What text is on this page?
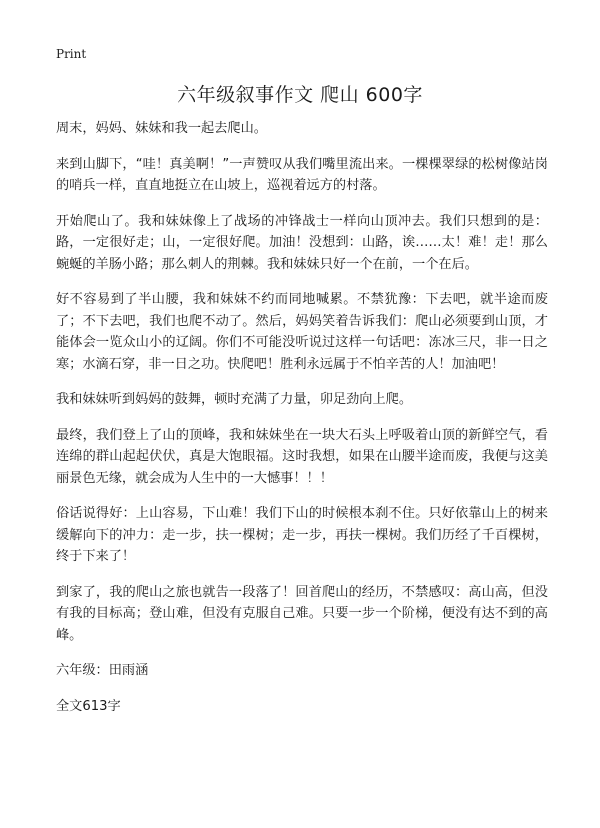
Print
六年级叙事作文 爬山 600字

周末，妈妈、妹妹和我一起去爬山。

来到山脚下，“哇！真美啊！”一声赞叹从我们嘴里流出来。一棵棵翠绿的松树像站岗的哨兵一样，直直地挺立在山坡上，巡视着远方的村落。

开始爬山了。我和妹妹像上了战场的冲锋战士一样向山顶冲去。我们只想到的是：路，一定很好走；山，一定很好爬。加油！没想到：山路，诶……太！难！走！那么蜿蜒的羊肠小路；那么刺人的荆棘。我和妹妹只好一个在前，一个在后。

好不容易到了半山腰，我和妹妹不约而同地喊累。不禁犹豫：下去吧，就半途而废了；不下去吧，我们也爬不动了。然后，妈妈笑着告诉我们：爬山必须要到山顶，才能体会一览众山小的辽阔。你们不可能没听说过这样一句话吧：冻冰三尺，非一日之寒；水滴石穿，非一日之功。快爬吧！胜利永远属于不怕辛苦的人！加油吧！

我和妹妹听到妈妈的鼓舞，顿时充满了力量，卯足劲向上爬。

最终，我们登上了山的顶峰，我和妹妹坐在一块大石头上呼吸着山顶的新鲜空气，看连绵的群山起起伏伏，真是大饱眼福。这时我想，如果在山腰半途而废，我便与这美丽景色无缘，就会成为人生中的一大憾事！！！

俗话说得好：上山容易，下山难！我们下山的时候根本刹不住。只好依靠山上的树来缓解向下的冲力：走一步，扶一棵树；走一步，再扶一棵树。我们历经了千百棵树，终于下来了！

到家了，我的爬山之旅也就告一段落了！回首爬山的经历，不禁感叹：高山高，但没有我的目标高；登山难，但没有克服自己难。只要一步一个阶梯，便没有达不到的高峰。

六年级：田雨涵

全文613字
